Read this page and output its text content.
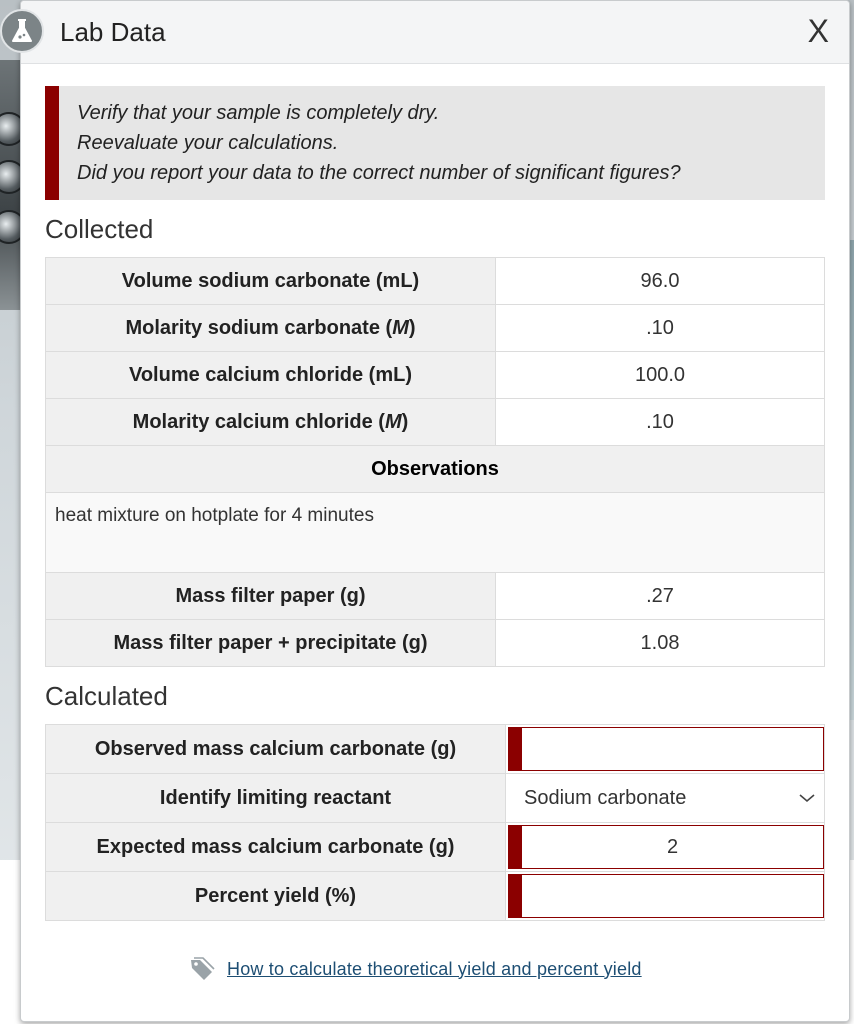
Lab Data	X
Verify that your sample is completely dry.
Reevaluate your calculations.
Did you report your data to the correct number of significant figures?
Collected
Volume sodium carbonate (mL)	96.0
Molarity sodium carbonate (M)	.10
Volume calcium chloride (mL)	100.0
Molarity calcium chloride (M)	.10
Observations	
heat mixture on hotplate for 4 minutes	
Mass filter paper (g)	.27
Mass filter paper + precipitate (g)	1.08
Calculated
Observed mass calcium carbonate (g)	

Identify limiting reactant	Sodium carbonate

Expected mass calcium carbonate (g)	2

Percent yield (%)	
How to calculate theoretical yield and percent yield
